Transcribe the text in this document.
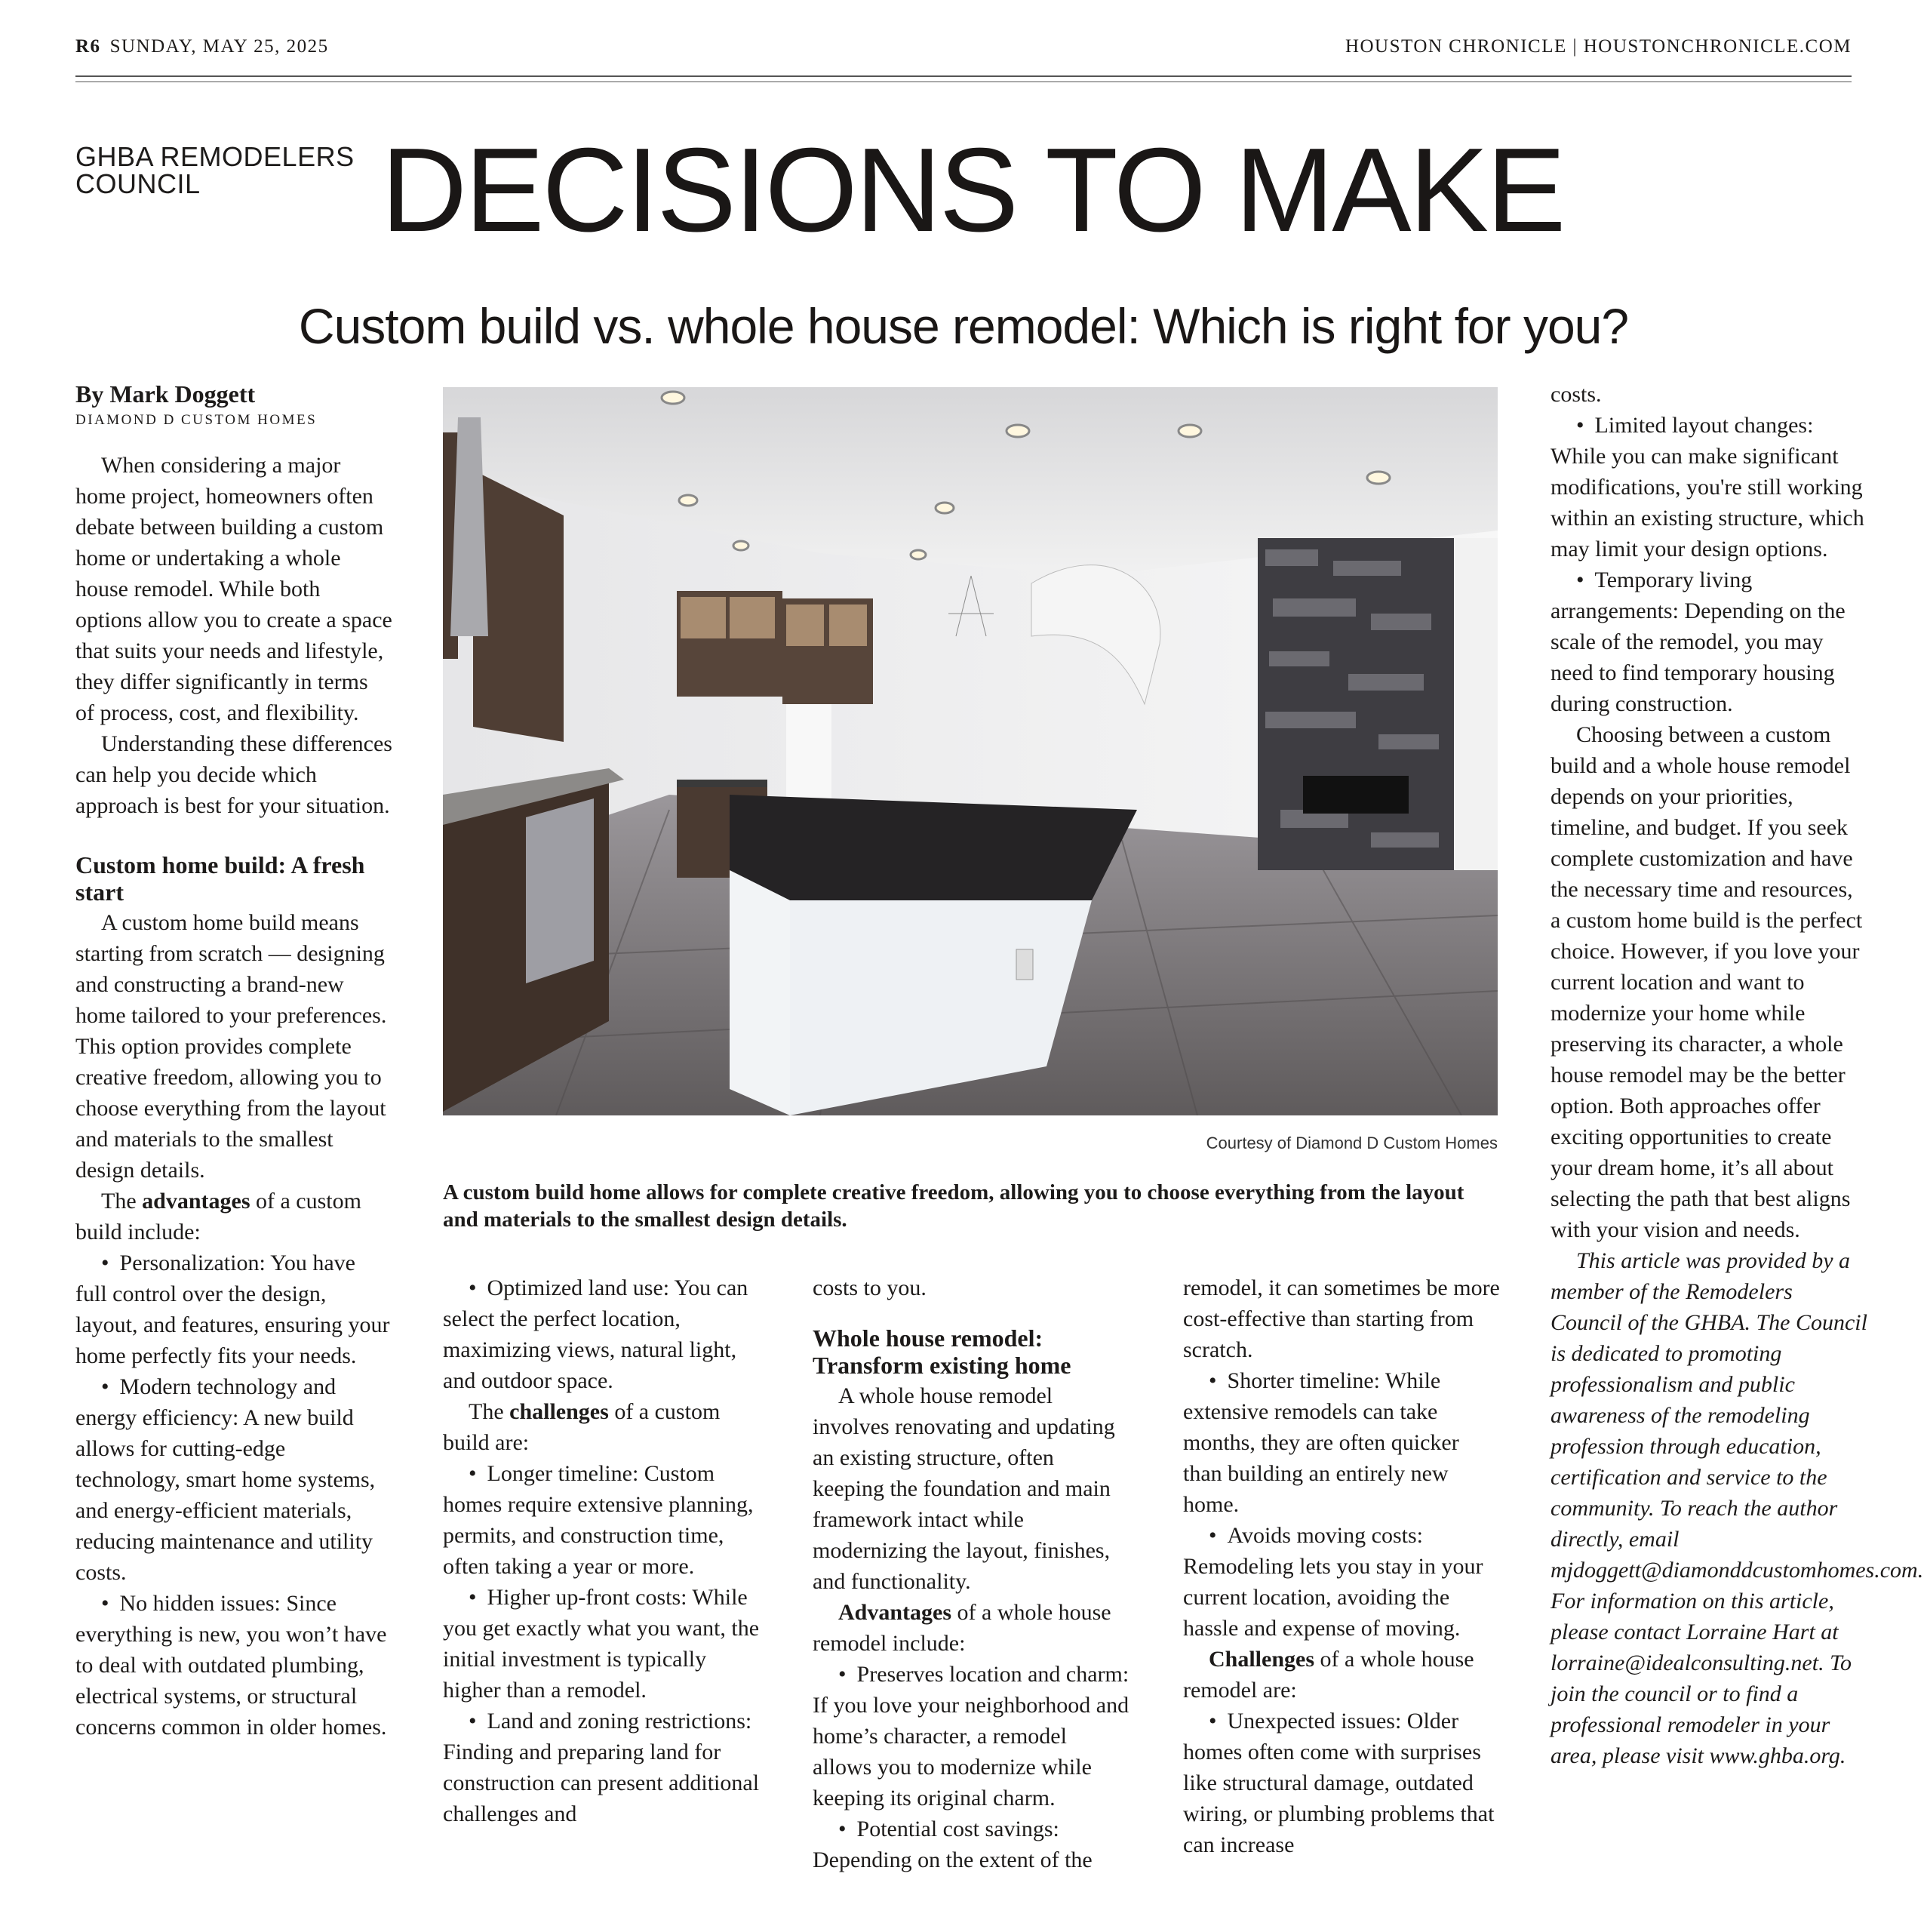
R6 SUNDAY, MAY 25, 2025	HOUSTON CHRONICLE | HOUSTONCHRONICLE.COM
GHBA REMODELERS
COUNCIL	DECISIONS TO MAKE
Custom build vs. whole house remodel: Which is right for you?
By Mark Doggett
DIAMOND D CUSTOM HOMES

When considering a major home project, homeowners often debate between building a custom home or undertaking a whole house remodel. While both options allow you to create a space that suits your needs and lifestyle, they differ significantly in terms of process, cost, and flexibility.

Understanding these differences can help you decide which approach is best for your situation.

Custom home build: A fresh start

A custom home build means starting from scratch — designing and constructing a brand-new home tailored to your preferences. This option provides complete creative freedom, allowing you to choose everything from the layout and materials to the smallest design details.

The advantages of a custom build include:

• Personalization: You have full control over the design, layout, and features, ensuring your home perfectly fits your needs.

• Modern technology and energy efficiency: A new build allows for cutting-edge technology, smart home systems, and energy-efficient materials, reducing maintenance and utility costs.

• No hidden issues: Since everything is new, you won’t have to deal with outdated plumbing, electrical systems, or structural concerns common in older homes.

Courtesy of Diamond D Custom Homes
A custom build home allows for complete creative freedom, allowing you to choose everything from the layout and materials to the smallest design details.

• Optimized land use: You can select the perfect location, maximizing views, natural light, and outdoor space.

The challenges of a custom build are:

• Longer timeline: Custom homes require extensive planning, permits, and construction time, often taking a year or more.

• Higher up-front costs: While you get exactly what you want, the initial investment is typically higher than a remodel.

• Land and zoning restrictions: Finding and preparing land for construction can present additional challenges and

costs to you.

Whole house remodel: Transform existing home

A whole house remodel involves renovating and updating an existing structure, often keeping the foundation and main framework intact while modernizing the layout, finishes, and functionality.

Advantages of a whole house remodel include:

• Preserves location and charm: If you love your neighborhood and home’s character, a remodel allows you to modernize while keeping its original charm.

• Potential cost savings: Depending on the extent of the

remodel, it can sometimes be more cost-effective than starting from scratch.

• Shorter timeline: While extensive remodels can take months, they are often quicker than building an entirely new home.

• Avoids moving costs: Remodeling lets you stay in your current location, avoiding the hassle and expense of moving.

Challenges of a whole house remodel are:

• Unexpected issues: Older homes often come with surprises like structural damage, outdated wiring, or plumbing problems that can increase

costs.

• Limited layout changes: While you can make significant modifications, you're still working within an existing structure, which may limit your design options.

• Temporary living arrangements: Depending on the scale of the remodel, you may need to find temporary housing during construction.

Choosing between a custom build and a whole house remodel depends on your priorities, timeline, and budget. If you seek complete customization and have the necessary time and resources, a custom home build is the perfect choice. However, if you love your current location and want to modernize your home while preserving its character, a whole house remodel may be the better option. Both approaches offer exciting opportunities to create your dream home, it’s all about selecting the path that best aligns with your vision and needs.

This article was provided by a member of the Remodelers Council of the GHBA. The Council is dedicated to promoting professionalism and public awareness of the remodeling profession through education, certification and service to the community. To reach the author directly, email mjdoggett@diamonddcustomhomes.com. For information on this article, please contact Lorraine Hart at lorraine@idealconsulting.net. To join the council or to find a professional remodeler in your area, please visit www.ghba.org.
